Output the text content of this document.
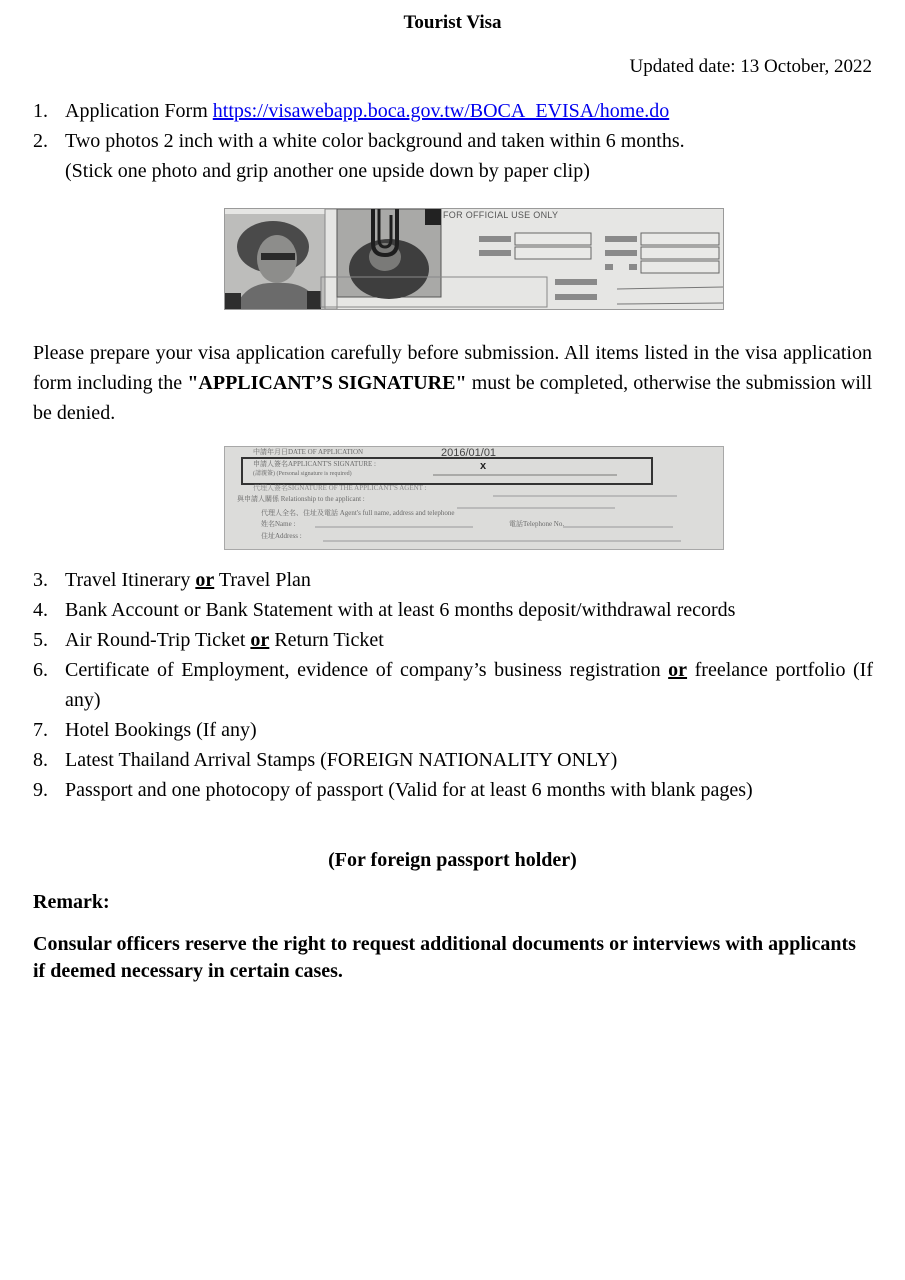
Tourist Visa
Updated date: 13 October, 2022
1. Application Form https://visawebapp.boca.gov.tw/BOCA_EVISA/home.do
2. Two photos 2 inch with a white color background and taken within 6 months.
(Stick one photo and grip another one upside down by paper clip)
FOR OFFICIAL USE ONLY
Please prepare your visa application carefully before submission. All items listed in the visa application form including the "APPLICANT’S SIGNATURE" must be completed, otherwise the submission will be denied.
中請年月日DATE OF APPLICATION	2016/01/01
申請人簽名APPLICANT'S SIGNATURE :
(請親簽) (Personal signature is required)
x
代理人簽名SIGNATURE OF THE APPLICANT'S AGENT :
與申請人關係 Relationship to the applicant :
代理人全名、住址及電話 Agent's full name, address and telephone
姓名Name :	電話Telephone No.
住址Address :
3. Travel Itinerary or Travel Plan
4. Bank Account or Bank Statement with at least 6 months deposit/withdrawal records
5. Air Round-Trip Ticket or Return Ticket
6. Certificate of Employment, evidence of company’s business registration or freelance portfolio (If any)
7. Hotel Bookings (If any)
8. Latest Thailand Arrival Stamps (FOREIGN NATIONALITY ONLY)
9. Passport and one photocopy of passport (Valid for at least 6 months with blank pages)
(For foreign passport holder)
Remark:
Consular officers reserve the right to request additional documents or interviews with applicants if deemed necessary in certain cases.
